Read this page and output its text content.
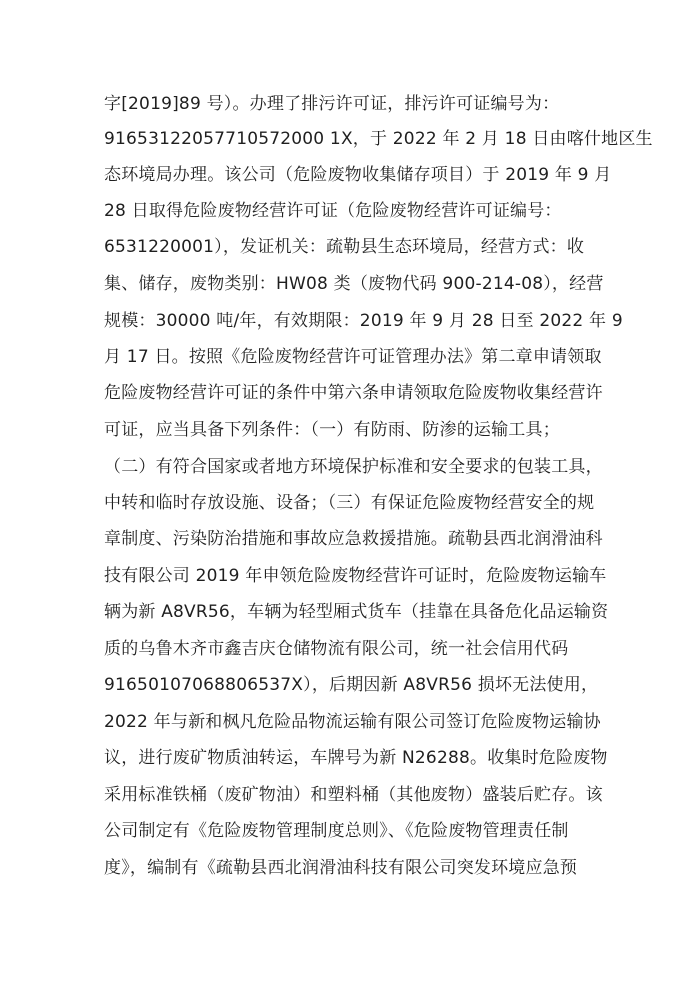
字[2019]89 号）。办理了排污许可证，排污许可证编号为：
91653122057710572000 1X，于 2022 年 2 月 18 日由喀什地区生
态环境局办理。该公司（危险废物收集储存项目）于 2019 年 9 月
28 日取得危险废物经营许可证（危险废物经营许可证编号：
6531220001），发证机关：疏勒县生态环境局，经营方式：收
集、储存，废物类别：HW08 类（废物代码 900-214-08），经营
规模：30000 吨/年，有效期限：2019 年 9 月 28 日至 2022 年 9
月 17 日。按照《危险废物经营许可证管理办法》第二章申请领取
危险废物经营许可证的条件中第六条申请领取危险废物收集经营许
可证，应当具备下列条件：（一）有防雨、防渗的运输工具；
（二）有符合国家或者地方环境保护标准和安全要求的包装工具，
中转和临时存放设施、设备；（三）有保证危险废物经营安全的规
章制度、污染防治措施和事故应急救援措施。疏勒县西北润滑油科
技有限公司 2019 年申领危险废物经营许可证时，危险废物运输车
辆为新 A8VR56，车辆为轻型厢式货车（挂靠在具备危化品运输资
质的乌鲁木齐市鑫吉庆仓储物流有限公司，统一社会信用代码
91650107068806537X），后期因新 A8VR56 损坏无法使用，
2022 年与新和枫凡危险品物流运输有限公司签订危险废物运输协
议，进行废矿物质油转运，车牌号为新 N26288。收集时危险废物
采用标准铁桶（废矿物油）和塑料桶（其他废物）盛装后贮存。该
公司制定有《危险废物管理制度总则》、《危险废物管理责任制
度》，编制有《疏勒县西北润滑油科技有限公司突发环境应急预
